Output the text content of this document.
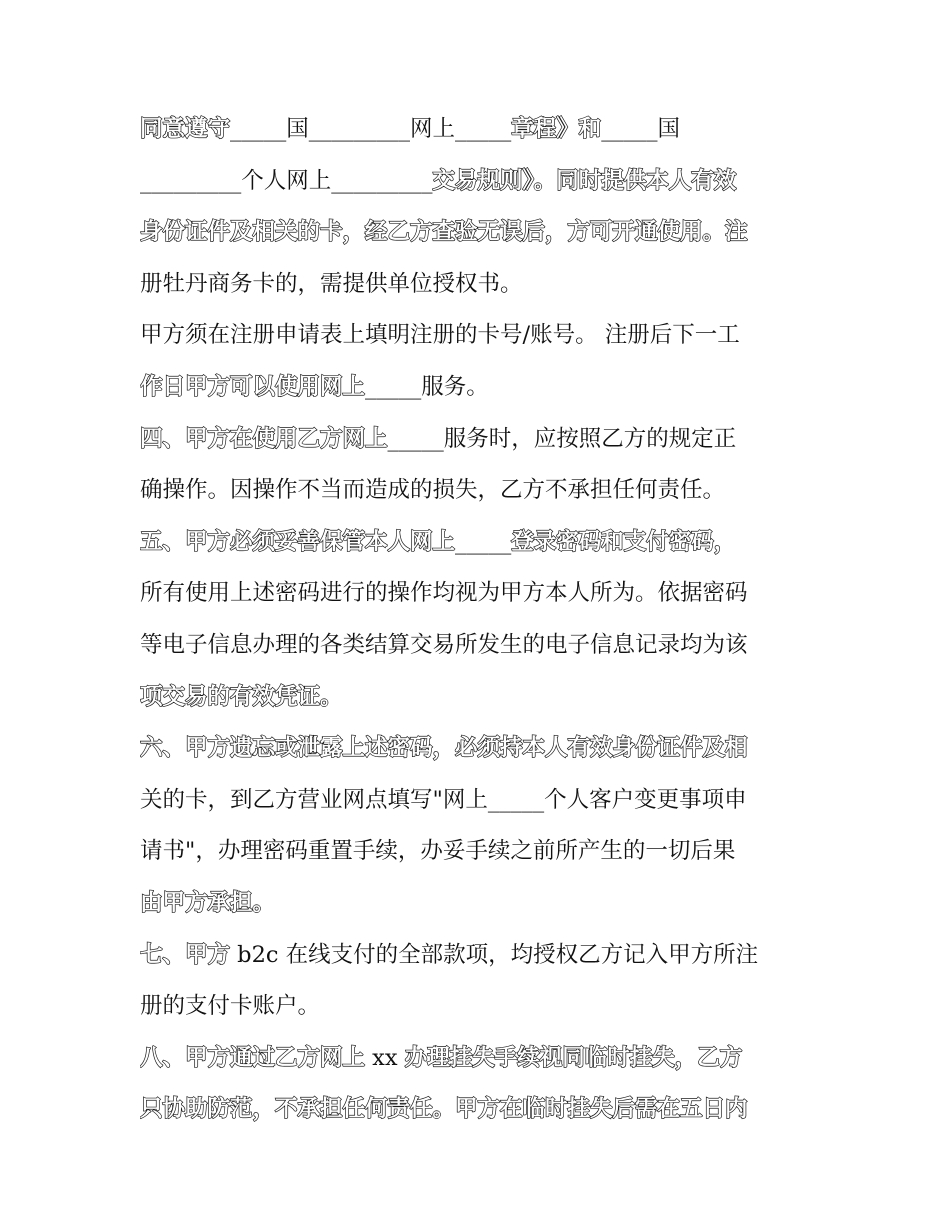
同意遵守_____国_________网上_____章程》和_____国
_________个人网上_________交易规则》。同时提供本人有效
身份证件及相关的卡，经乙方查验无误后，方可开通使用。注
册牡丹商务卡的，需提供单位授权书。
甲方须在注册申请表上填明注册的卡号/账号。 注册后下一工
作日甲方可以使用网上_____服务。
四、甲方在使用乙方网上_____服务时，应按照乙方的规定正
确操作。因操作不当而造成的损失，乙方不承担任何责任。
五、甲方必须妥善保管本人网上_____登录密码和支付密码，
所有使用上述密码进行的操作均视为甲方本人所为。依据密码
等电子信息办理的各类结算交易所发生的电子信息记录均为该
项交易的有效凭证。
六、甲方遗忘或泄露上述密码，必须持本人有效身份证件及相
关的卡，到乙方营业网点填写"网上_____个人客户变更事项申
请书"，办理密码重置手续，办妥手续之前所产生的一切后果
由甲方承担。
七、甲方 b2c 在线支付的全部款项，均授权乙方记入甲方所注
册的支付卡账户。
八、甲方通过乙方网上 xx 办理挂失手续视同临时挂失，乙方
只协助防范，不承担任何责任。甲方在临时挂失后需在五日内
